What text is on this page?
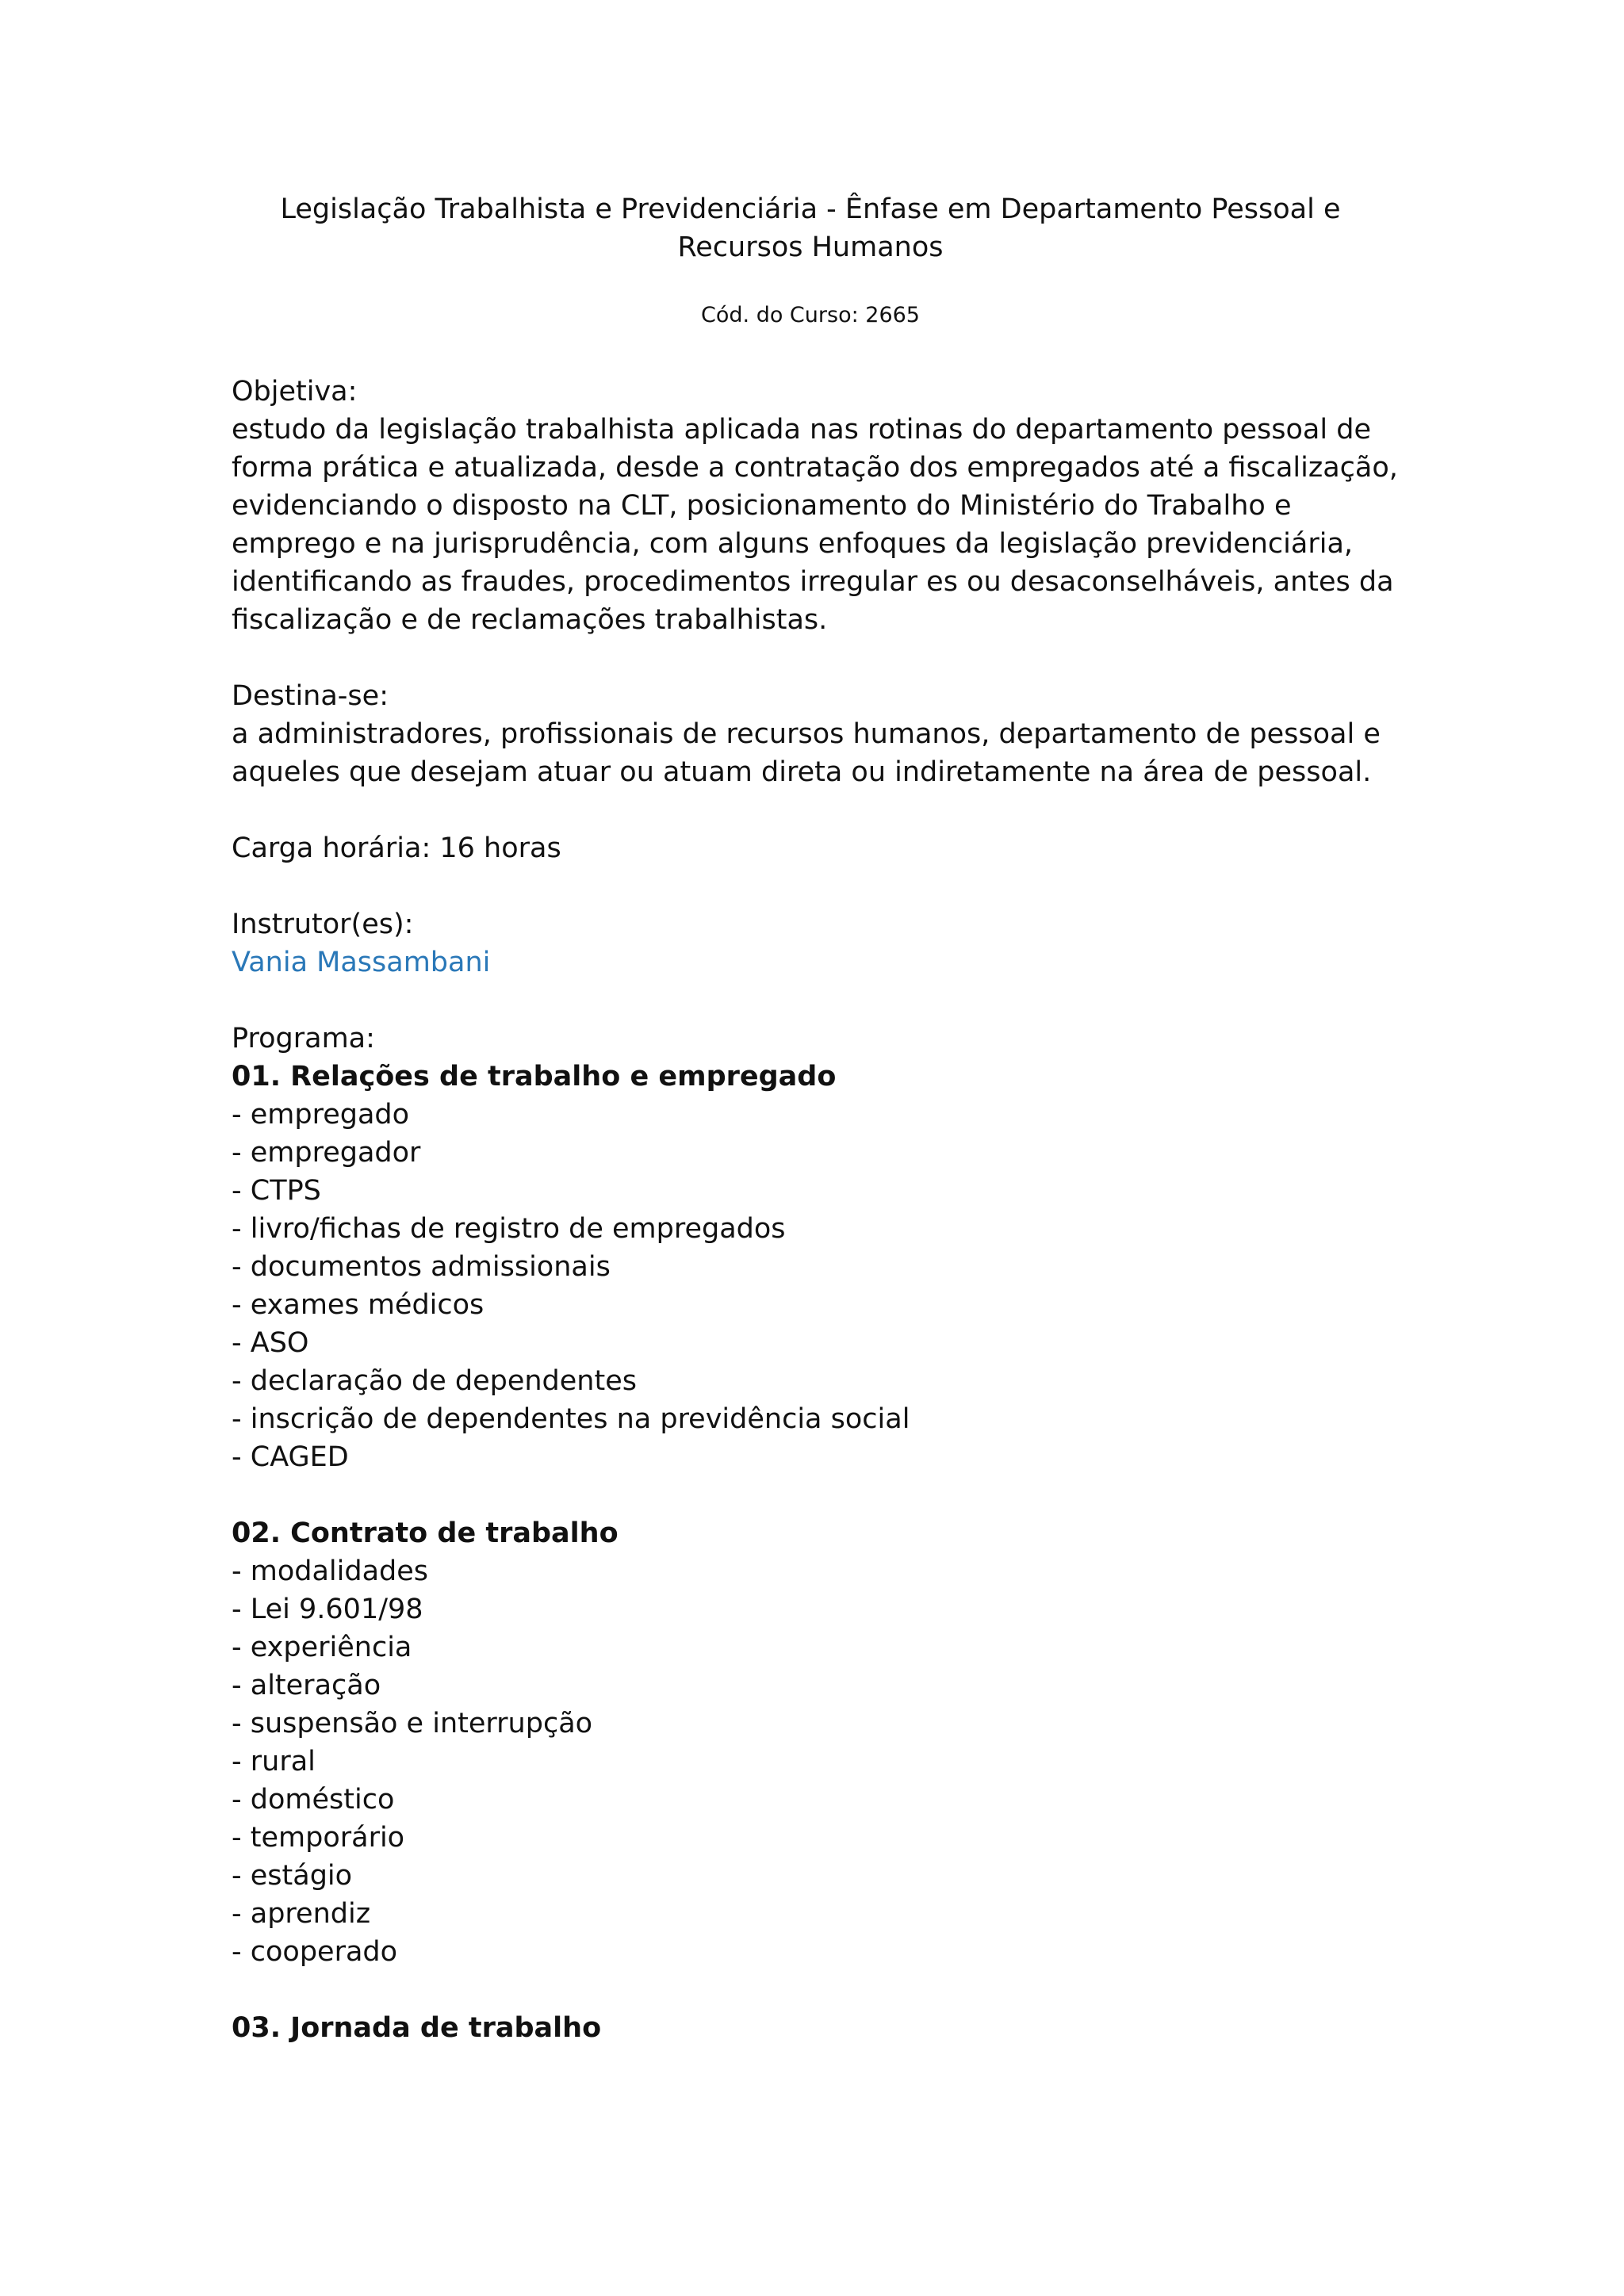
Legislação Trabalhista e Previdenciária - Ênfase em Departamento Pessoal e Recursos Humanos
Cód. do Curso: 2665

Objetiva:

estudo da legislação trabalhista aplicada nas rotinas do departamento pessoal de forma prática e atualizada, desde a contratação dos empregados até a fiscalização, evidenciando o disposto na CLT, posicionamento do Ministério do Trabalho e emprego e na jurisprudência, com alguns enfoques da legislação previdenciária, identificando as fraudes, procedimentos irregular es ou desaconselháveis, antes da fiscalização e de reclamações trabalhistas.

Destina-se:

a administradores, profissionais de recursos humanos, departamento de pessoal e aqueles que desejam atuar ou atuam direta ou indiretamente na área de pessoal.

Carga horária: 16 horas

Instrutor(es):

Vania Massambani

Programa:

01. Relações de trabalho e empregado

- empregado
- empregador
- CTPS
- livro/fichas de registro de empregados
- documentos admissionais
- exames médicos
- ASO
- declaração de dependentes
- inscrição de dependentes na previdência social
- CAGED

02. Contrato de trabalho

- modalidades
- Lei 9.601/98
- experiência
- alteração
- suspensão e interrupção
- rural
- doméstico
- temporário
- estágio
- aprendiz
- cooperado

03. Jornada de trabalho
